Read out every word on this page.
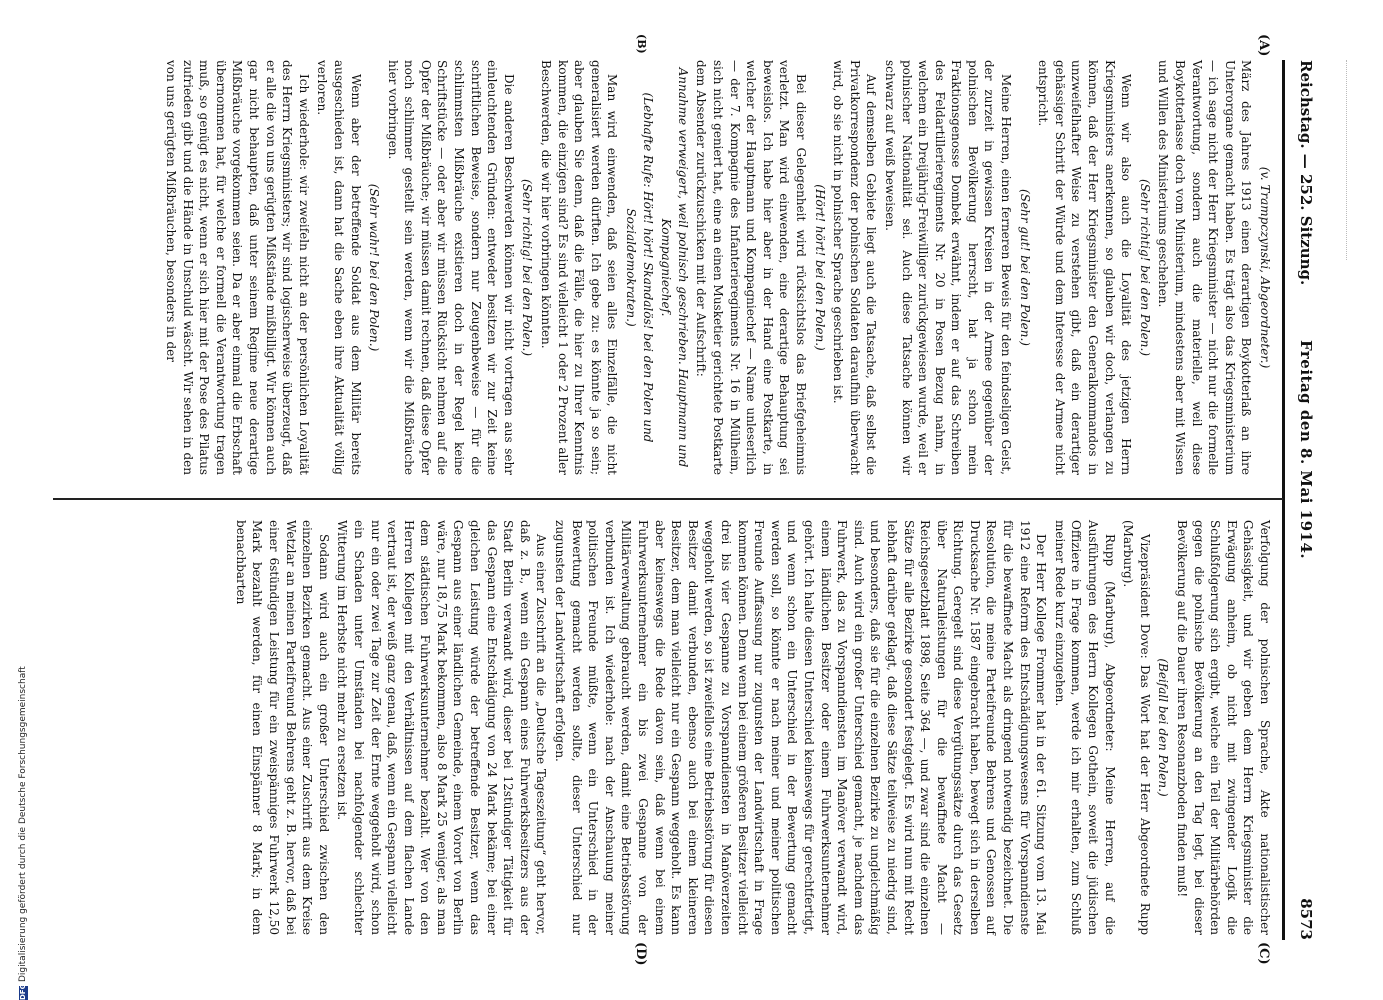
Reichstag. — 252. Sitzung.
Freitag den 8. Mai 1914.
8573
(A)
(B)
(C)
(D)

(v. Trampczynski, Abgeordneter.)

März des Jahres 1913 einen derartigen Boykotterlaß an ihre Unterorgane gemacht haben. Es trägt also das Kriegsministerium — ich sage nicht der Herr Kriegsminister — nicht nur die formelle Verantwortung, sondern auch die materielle, weil diese Boykotterlasse doch vom Ministerium, mindestens aber mit Wissen und Willen des Ministeriums geschehen.

(Sehr richtig! bei den Polen.)

Wenn wir also auch die Loyalität des jetzigen Herrn Kriegsministers anerkennen, so glauben wir doch, verlangen zu können, daß der Herr Kriegsminister den Generalkommandos in unzweifelhafter Weise zu verstehen gibt, daß ein derartiger gehässiger Schritt der Würde und dem Interesse der Armee nicht entspricht.

(Sehr gut! bei den Polen.)

Meine Herren, einen ferneren Beweis für den feindseligen Geist, der zurzeit in gewissen Kreisen in der Armee gegenüber der polnischen Bevölkerung herrscht, hat ja schon mein Fraktionsgenosse Dombek erwähnt, indem er auf das Schreiben des Feldartillerieregiments Nr. 20 in Posen Bezug nahm, in welchem ein Dreijährig-Freiwilliger zurückgewiesen wurde, weil er polnischer Nationalität sei. Auch diese Tatsache können wir schwarz auf weiß beweisen.

Auf demselben Gebiete liegt auch die Tatsache, daß selbst die Privatkorrespondenz der polnischen Soldaten daraufhin überwacht wird, ob sie nicht in polnischer Sprache geschrieben ist.

(Hört! hört! bei den Polen.)

Bei dieser Gelegenheit wird rücksichtslos das Briefgeheimnis verletzt. Man wird einwenden, eine derartige Behauptung sei beweislos. Ich habe hier aber in der Hand eine Postkarte, in welcher der Hauptmann und Kompagniechef — Name unleserlich — der 7. Kompagnie des Infanterieregiments Nr. 16 in Mülheim, sich nicht geniert hat, eine an einen Musketier gerichtete Postkarte dem Absender zurückzuschicken mit der Aufschrift:

Annahme verweigert, weil polnisch geschrieben. Hauptmann und Kompagniechef.

(Lebhafte Rufe: Hört! hört! Skandalös! bei den Polen und Sozialdemokraten.)

Man wird einwenden, daß seien alles Einzelfälle, die nicht generalisiert werden dürften. Ich gebe zu: es könnte ja so sein; aber glauben Sie denn, daß die Fälle, die hier zu Ihrer Kenntnis kommen, die einzigen sind? Es sind vielleicht 1 oder 2 Prozent aller Beschwerden, die wir hier vorbringen könnten.

(Sehr richtig! bei den Polen.)

Die anderen Beschwerden können wir nicht vortragen aus sehr einleuchtenden Gründen: entweder besitzen wir zur Zeit keine schriftlichen Beweise, sondern nur Zeugenbeweise — für die schlimmsten Mißbräuche existieren doch in der Regel keine Schriftstücke — oder aber wir müssen Rücksicht nehmen auf die Opfer der Mißbräuche; wir müssen damit rechnen, daß diese Opfer noch schlimmer gestellt sein werden, wenn wir die Mißbräuche hier vorbringen.

(Sehr wahr! bei den Polen.)

Wenn aber der betreffende Soldat aus dem Militär bereits ausgeschieden ist, dann hat die Sache eben ihre Aktualität völlig verloren.

Ich wiederhole: wir zweifeln nicht an der persönlichen Loyalität des Herrn Kriegsministers; wir sind logischerweise überzeugt, daß er alle die von uns gerügten Mißstände mißbilligt. Wir können auch gar nicht behaupten, daß unter seinem Regime neue derartige Mißbräuche vorgekommen seien. Da er aber einmal die Erbschaft übernommen hat, für welche er formell die Verantwortung tragen muß, so genügt es nicht, wenn er sich hier mit der Pose des Pilatus zufrieden gibt und die Hände in Unschuld wäscht. Wir sehen in den von uns gerügten Mißbräuchen, besonders in der

Verfolgung der polnischen Sprache, Akte nationalistischer Gehässigkeit, und wir geben dem Herrn Kriegsminister die Erwägung anheim, ob nicht mit zwingender Logik die Schlußfolgerung sich ergibt, welche ein Teil der Militärbehörden gegen die polnische Bevölkerung an den Tag legt, bei dieser Bevölkerung auf die Dauer ihren Resonanzboden finden muß!

(Beifall bei den Polen.)

Vizepräsident Dove: Das Wort hat der Herr Abgeordnete Rupp (Marburg).

Rupp (Marburg), Abgeordneter: Meine Herren, auf die Ausführungen des Herrn Kollegen Gothein, soweit die jüdischen Offiziere in Frage kommen, werde ich mir erhalten, zum Schluß meiner Rede kurz einzugehen.

Der Herr Kollege Frommer hat in der 61. Sitzung vom 13. Mai 1912 eine Reform des Entschädigungswesens für Vorspanndienste für die bewaffnete Macht als dringend notwendig bezeichnet. Die Resolution, die meine Parteifreunde Behrens und Genossen auf Drucksache Nr. 1587 eingebracht haben, bewegt sich in derselben Richtung. Geregelt sind diese Vergütungssätze durch das Gesetz über Naturalleistungen für die bewaffnete Macht — Reichsgesetzblatt 1898, Seite 364 —, und zwar sind die einzelnen Sätze für alle Bezirke gesondert festgelegt. Es wird nun mit Recht lebhaft darüber geklagt, daß diese Sätze teilweise zu niedrig sind, und besonders, daß sie für die einzelnen Bezirke zu ungleichmäßig sind. Auch wird ein großer Unterschied gemacht, je nachdem das Fuhrwerk, das zu Vorspanndiensten im Manöver verwandt wird, einem ländlichen Besitzer oder einem Fuhrwerksunternehmer gehört. Ich halte diesen Unterschied keineswegs für gerechtfertigt, und wenn schon ein Unterschied in der Bewertung gemacht werden soll, so könnte er nach meiner und meiner politischen Freunde Auffassung nur zugunsten der Landwirtschaft in Frage kommen können. Denn wenn bei einem größeren Besitzer vielleicht drei bis vier Gespanne zu Vorspanndiensten in Manöverzeiten weggeholt werden, so ist zweifellos eine Betriebsstörung für diesen Besitzer damit verbunden, ebenso auch bei einem kleineren Besitzer, dem man vielleicht nur ein Gespann weggeholt. Es kann aber keineswegs die Rede davon sein, daß wenn bei einem Fuhrwerksunternehmer ein bis zwei Gespanne von der Militärverwaltung gebraucht werden, damit eine Betriebsstörung verbunden ist. Ich wiederhole: nach der Anschauung meiner politischen Freunde müßte, wenn ein Unterschied in der Bewertung gemacht werden sollte, dieser Unterschied nur zugunsten der Landwirtschaft erfolgen.

Aus einer Zuschrift an die „Deutsche Tageszeitung“ geht hervor, daß z. B., wenn ein Gespann eines Fuhrwerksbesitzers aus der Stadt Berlin verwandt wird, dieser bei 12stündiger Tätigkeit für das Gespann eine Entschädigung von 24 Mark bekäme; bei einer gleichen Leistung würde der betreffende Besitzer, wenn das Gespann aus einer ländlichen Gemeinde, einem Vorort von Berlin wäre, nur 18,75 Mark bekommen, also 8 Mark 25 weniger, als man dem städtischen Fuhrwerksunternehmer bezahlt. Wer von den Herren Kollegen mit den Verhältnissen auf dem flachen Lande vertraut ist, der weiß ganz genau, daß, wenn ein Gespann vielleicht nur ein oder zwei Tage zur Zeit der Ernte weggeholt wird, schon ein Schaden unter Umständen bei nachfolgender schlechter Witterung im Herbste nicht mehr zu ersetzen ist.

Sodann wird auch ein großer Unterschied zwischen den einzelnen Bezirken gemacht. Aus einer Zuschrift aus dem Kreise Wetzlar an meinen Parteifreund Behrens geht z. B. hervor, daß bei einer 6stündigen Leistung für ein zweispänniges Fuhrwerk 12,50 Mark bezahlt werden, für einen Einspänner 8 Mark; in dem benachbarten

DFGDigitalisierung gefördert durch die Deutsche Forschungsgemeinschaft
